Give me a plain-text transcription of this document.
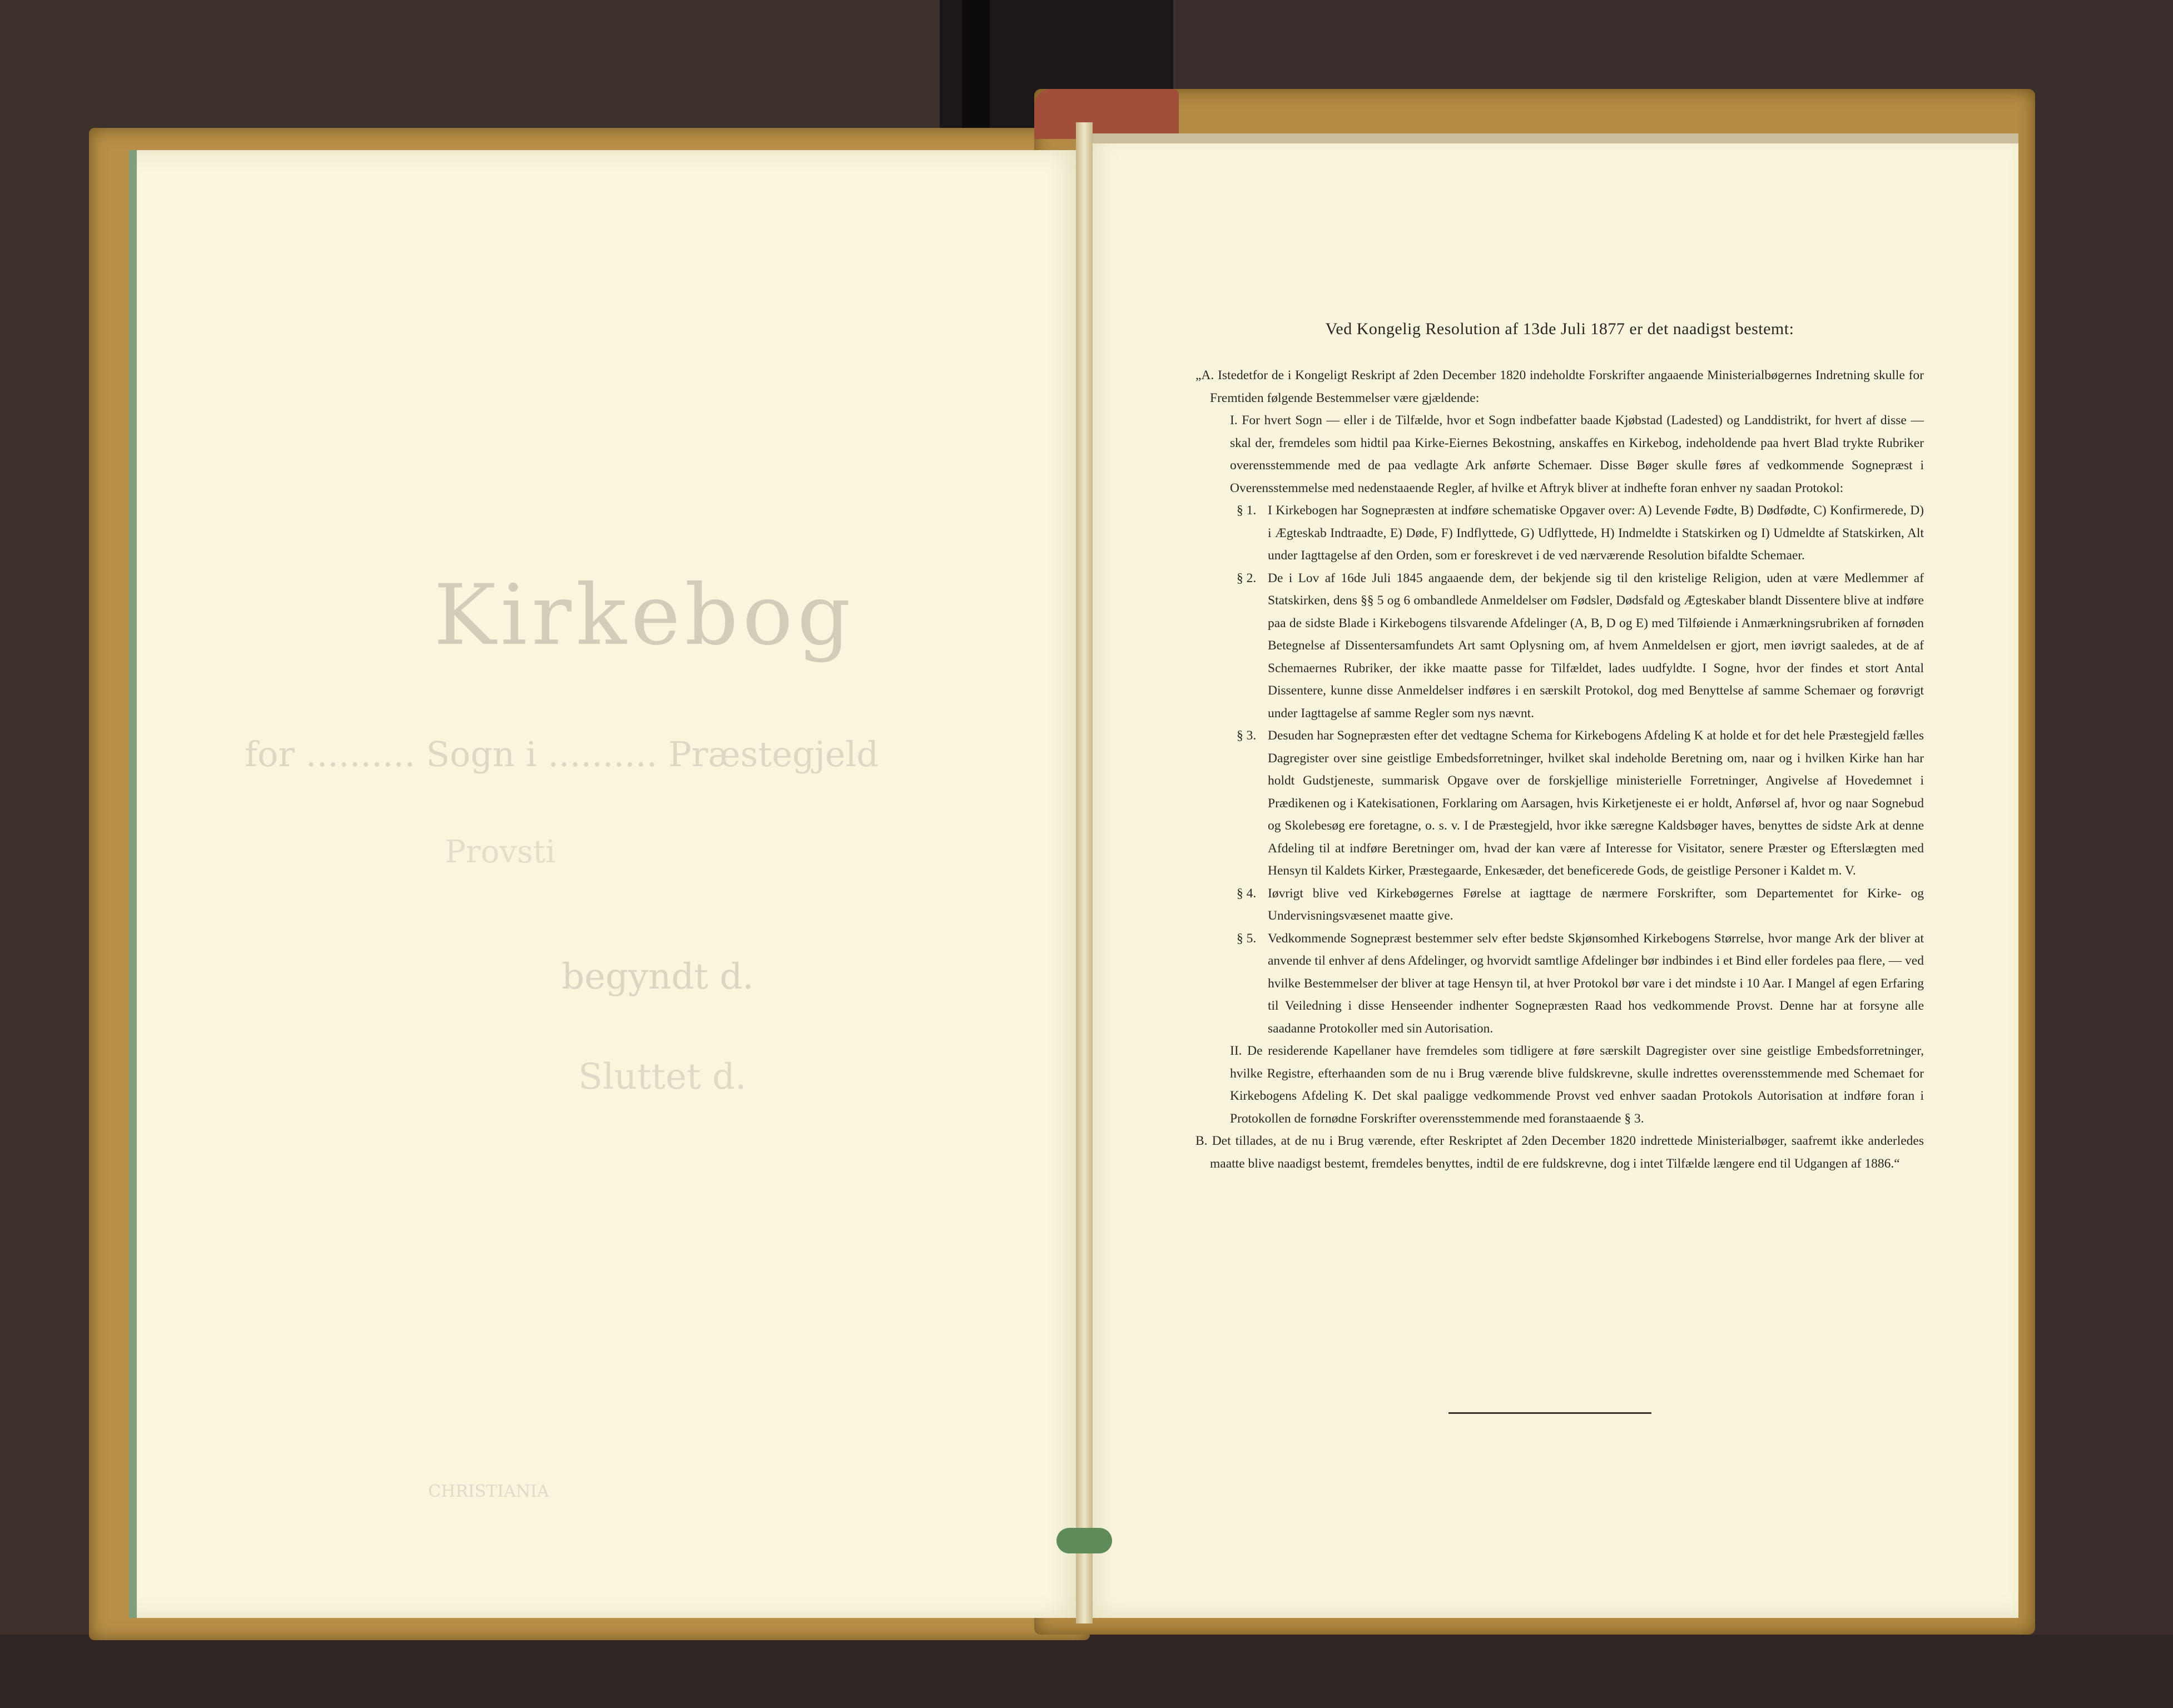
Kirkebog
for .......... Sogn i .......... Præstegjeld
Provsti
begyndt d.
Sluttet d.
CHRISTIANIA

Ved Kongelig Resolution af 13de Juli 1877 er det naadigst bestemt:

„A. Istedetfor de i Kongeligt Reskript af 2den December 1820 indeholdte Forskrifter angaaende Ministerialbøgernes Indretning skulle for Fremtiden følgende Bestemmelser være gjældende:

I. For hvert Sogn — eller i de Tilfælde, hvor et Sogn indbefatter baade Kjøbstad (Ladested) og Landdistrikt, for hvert af disse — skal der, fremdeles som hidtil paa Kirke-Eiernes Bekostning, anskaffes en Kirkebog, indeholdende paa hvert Blad trykte Rubriker overensstemmende med de paa vedlagte Ark anførte Schemaer. Disse Bøger skulle føres af vedkommende Sognepræst i Overensstemmelse med nedenstaaende Regler, af hvilke et Aftryk bliver at indhefte foran enhver ny saadan Protokol:

§ 1. I Kirkebogen har Sognepræsten at indføre schematiske Opgaver over: A) Levende Fødte, B) Dødfødte, C) Konfirmerede, D) i Ægteskab Indtraadte, E) Døde, F) Indflyttede, G) Udflyttede, H) Indmeldte i Statskirken og I) Udmeldte af Statskirken, Alt under Iagttagelse af den Orden, som er foreskrevet i de ved nærværende Resolution bifaldte Schemaer.

§ 2. De i Lov af 16de Juli 1845 angaaende dem, der bekjende sig til den kristelige Religion, uden at være Medlemmer af Statskirken, dens §§ 5 og 6 ombandlede Anmeldelser om Fødsler, Dødsfald og Ægteskaber blandt Dissentere blive at indføre paa de sidste Blade i Kirkebogens tilsvarende Afdelinger (A, B, D og E) med Tilføiende i Anmærkningsrubriken af fornøden Betegnelse af Dissentersamfundets Art samt Oplysning om, af hvem Anmeldelsen er gjort, men iøvrigt saaledes, at de af Schemaernes Rubriker, der ikke maatte passe for Tilfældet, lades uudfyldte. I Sogne, hvor der findes et stort Antal Dissentere, kunne disse Anmeldelser indføres i en særskilt Protokol, dog med Benyttelse af samme Schemaer og forøvrigt under Iagttagelse af samme Regler som nys nævnt.

§ 3. Desuden har Sognepræsten efter det vedtagne Schema for Kirkebogens Afdeling K at holde et for det hele Præstegjeld fælles Dagregister over sine geistlige Embedsforretninger, hvilket skal indeholde Beretning om, naar og i hvilken Kirke han har holdt Gudstjeneste, summarisk Opgave over de forskjellige ministerielle Forretninger, Angivelse af Hovedemnet i Prædikenen og i Katekisationen, Forklaring om Aarsagen, hvis Kirketjeneste ei er holdt, Anførsel af, hvor og naar Sognebud og Skolebesøg ere foretagne, o. s. v. I de Præstegjeld, hvor ikke særegne Kaldsbøger haves, benyttes de sidste Ark at denne Afdeling til at indføre Beretninger om, hvad der kan være af Interesse for Visitator, senere Præster og Efterslægten med Hensyn til Kaldets Kirker, Præstegaarde, Enkesæder, det beneficerede Gods, de geistlige Personer i Kaldet m. V.

§ 4. Iøvrigt blive ved Kirkebøgernes Førelse at iagttage de nærmere Forskrifter, som Departementet for Kirke- og Undervisningsvæsenet maatte give.

§ 5. Vedkommende Sognepræst bestemmer selv efter bedste Skjønsomhed Kirkebogens Størrelse, hvor mange Ark der bliver at anvende til enhver af dens Afdelinger, og hvorvidt samtlige Afdelinger bør indbindes i et Bind eller fordeles paa flere, — ved hvilke Bestemmelser der bliver at tage Hensyn til, at hver Protokol bør vare i det mindste i 10 Aar. I Mangel af egen Erfaring til Veiledning i disse Henseender indhenter Sognepræsten Raad hos vedkommende Provst. Denne har at forsyne alle saadanne Protokoller med sin Autorisation.

II. De residerende Kapellaner have fremdeles som tidligere at føre særskilt Dagregister over sine geistlige Embedsforretninger, hvilke Registre, efterhaanden som de nu i Brug værende blive fuldskrevne, skulle indrettes overensstemmende med Schemaet for Kirkebogens Afdeling K. Det skal paaligge vedkommende Provst ved enhver saadan Protokols Autorisation at indføre foran i Protokollen de fornødne Forskrifter overensstemmende med foranstaaende § 3.

B. Det tillades, at de nu i Brug værende, efter Reskriptet af 2den December 1820 indrettede Ministerialbøger, saafremt ikke anderledes maatte blive naadigst bestemt, fremdeles benyttes, indtil de ere fuldskrevne, dog i intet Tilfælde længere end til Udgangen af 1886.“
